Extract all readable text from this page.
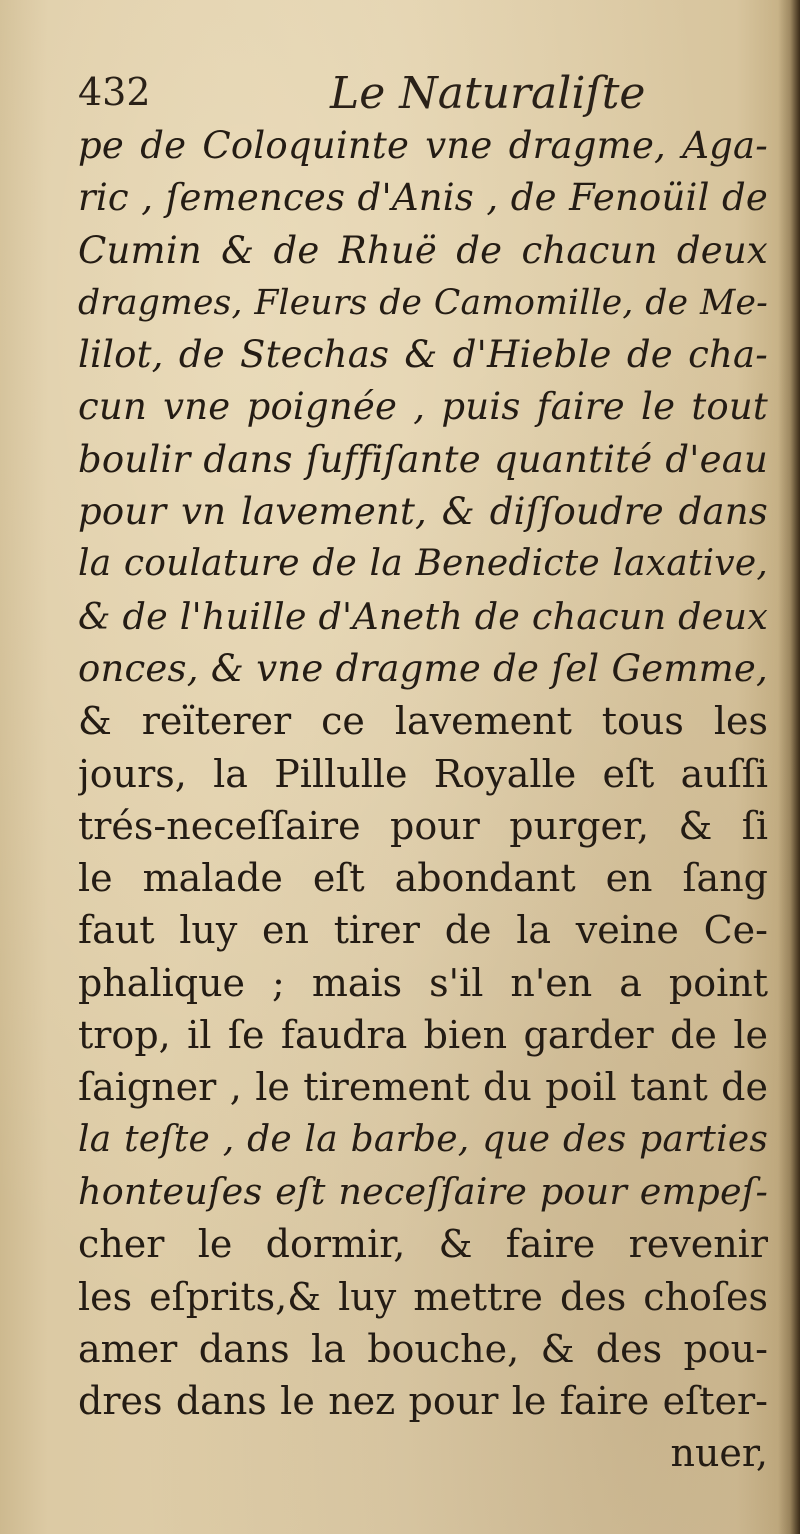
432	Le Naturaliſte
pe de Coloquinte vne dragme, Aga-
ric , ſemences d'Anis , de Fenoüil de
Cumin & de Rhuë de chacun deux
dragmes, Fleurs de Camomille, de Me-
lilot, de Stechas & d'Hieble de cha-
cun vne poignée , puis faire le tout
boulir dans ſuffiſante quantité d'eau
pour vn lavement, & diſſoudre dans
la coulature de la Benedicte laxative,
& de l'huille d'Aneth de chacun deux
onces, & vne dragme de ſel Gemme,
& reïterer ce lavement tous les
jours, la Pillulle Royalle eſt auſſi
trés-neceſſaire pour purger, & ſi
le malade eſt abondant en ſang
faut luy en tirer de la veine Ce-
phalique ; mais s'il n'en a point
trop, il ſe faudra bien garder de le
ſaigner , le tirement du poil tant de
la teſte , de la barbe, que des parties
honteuſes eſt neceſſaire pour empeſ-
cher le dormir, & faire revenir
les eſprits,& luy mettre des choſes
amer dans la bouche, & des pou-
dres dans le nez pour le faire eſter-
nuer,
